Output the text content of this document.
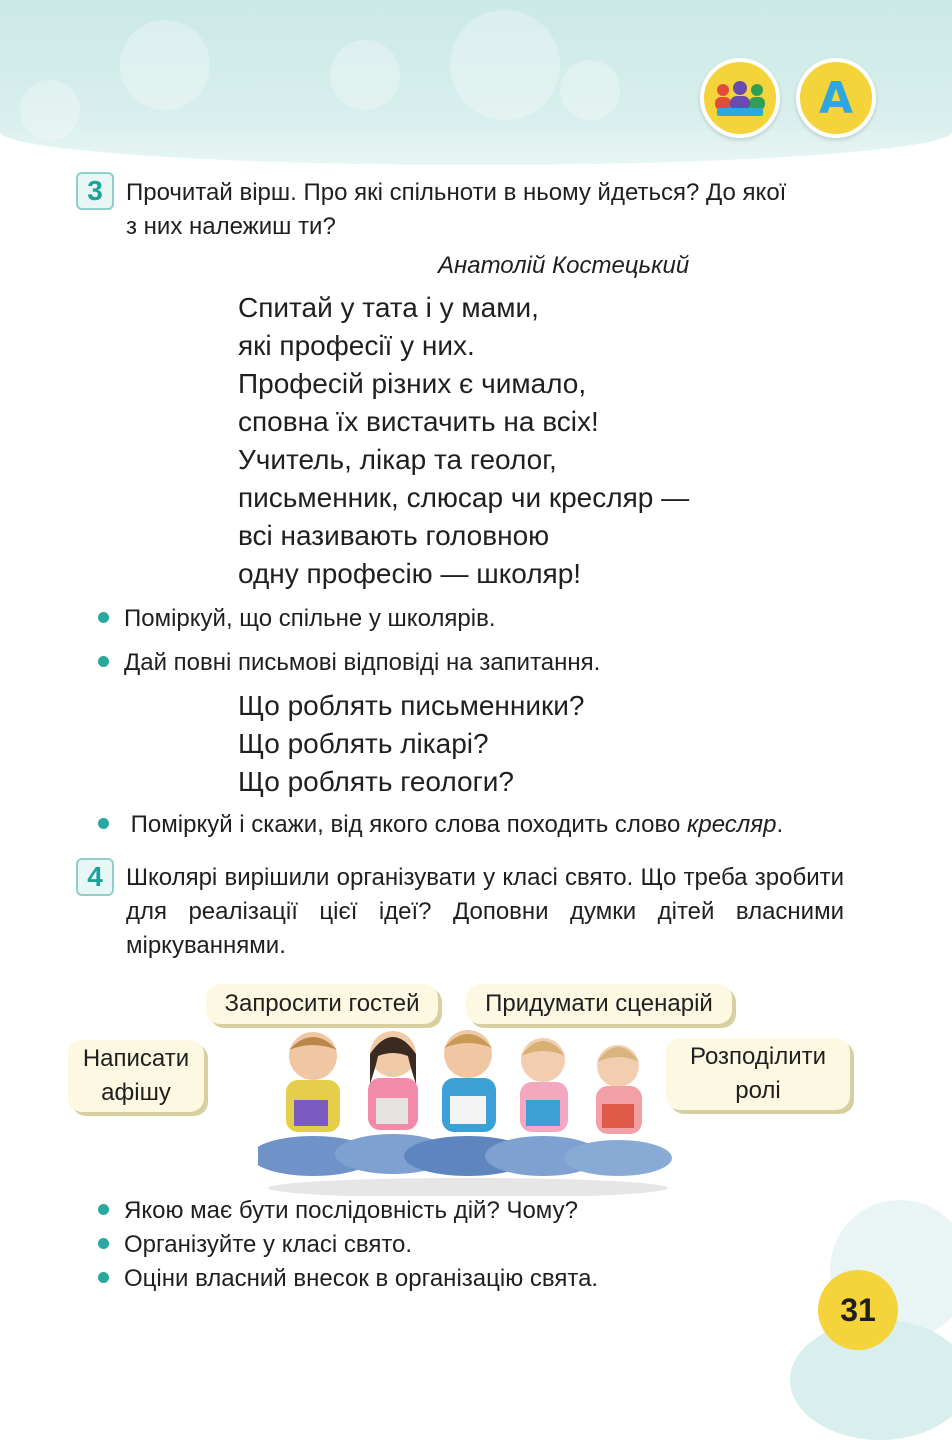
A
3 Прочитай вірш. Про які спільноти в ньому йдеться? До якої
з них належиш ти?
Анатолій Костецький
Спитай у тата і у мами,
які професії у них.
Професій різних є чимало,
сповна їх вистачить на всіх!
Учитель, лікар та геолог,
письменник, слюсар чи кресляр —
всі називають головною
одну професію — школяр!
Поміркуй, що спільне у школярів.
Дай повні письмові відповіді на запитання.
Що роблять письменники?
Що роблять лікарі?
Що роблять геологи?
Поміркуй і скажи, від якого слова походить слово кресляр.
4 Школярі вирішили організувати у класі свято. Що треба зробити для реалізації цієї ідеї? Доповни думки дітей власними міркуваннями.
Запросити гостей	Придумати сценарій
Написати
афішу
Розподілити
ролі
Якою має бути послідовність дій? Чому?
Організуйте у класі свято.
Оціни власний внесок в організацію свята.
31
